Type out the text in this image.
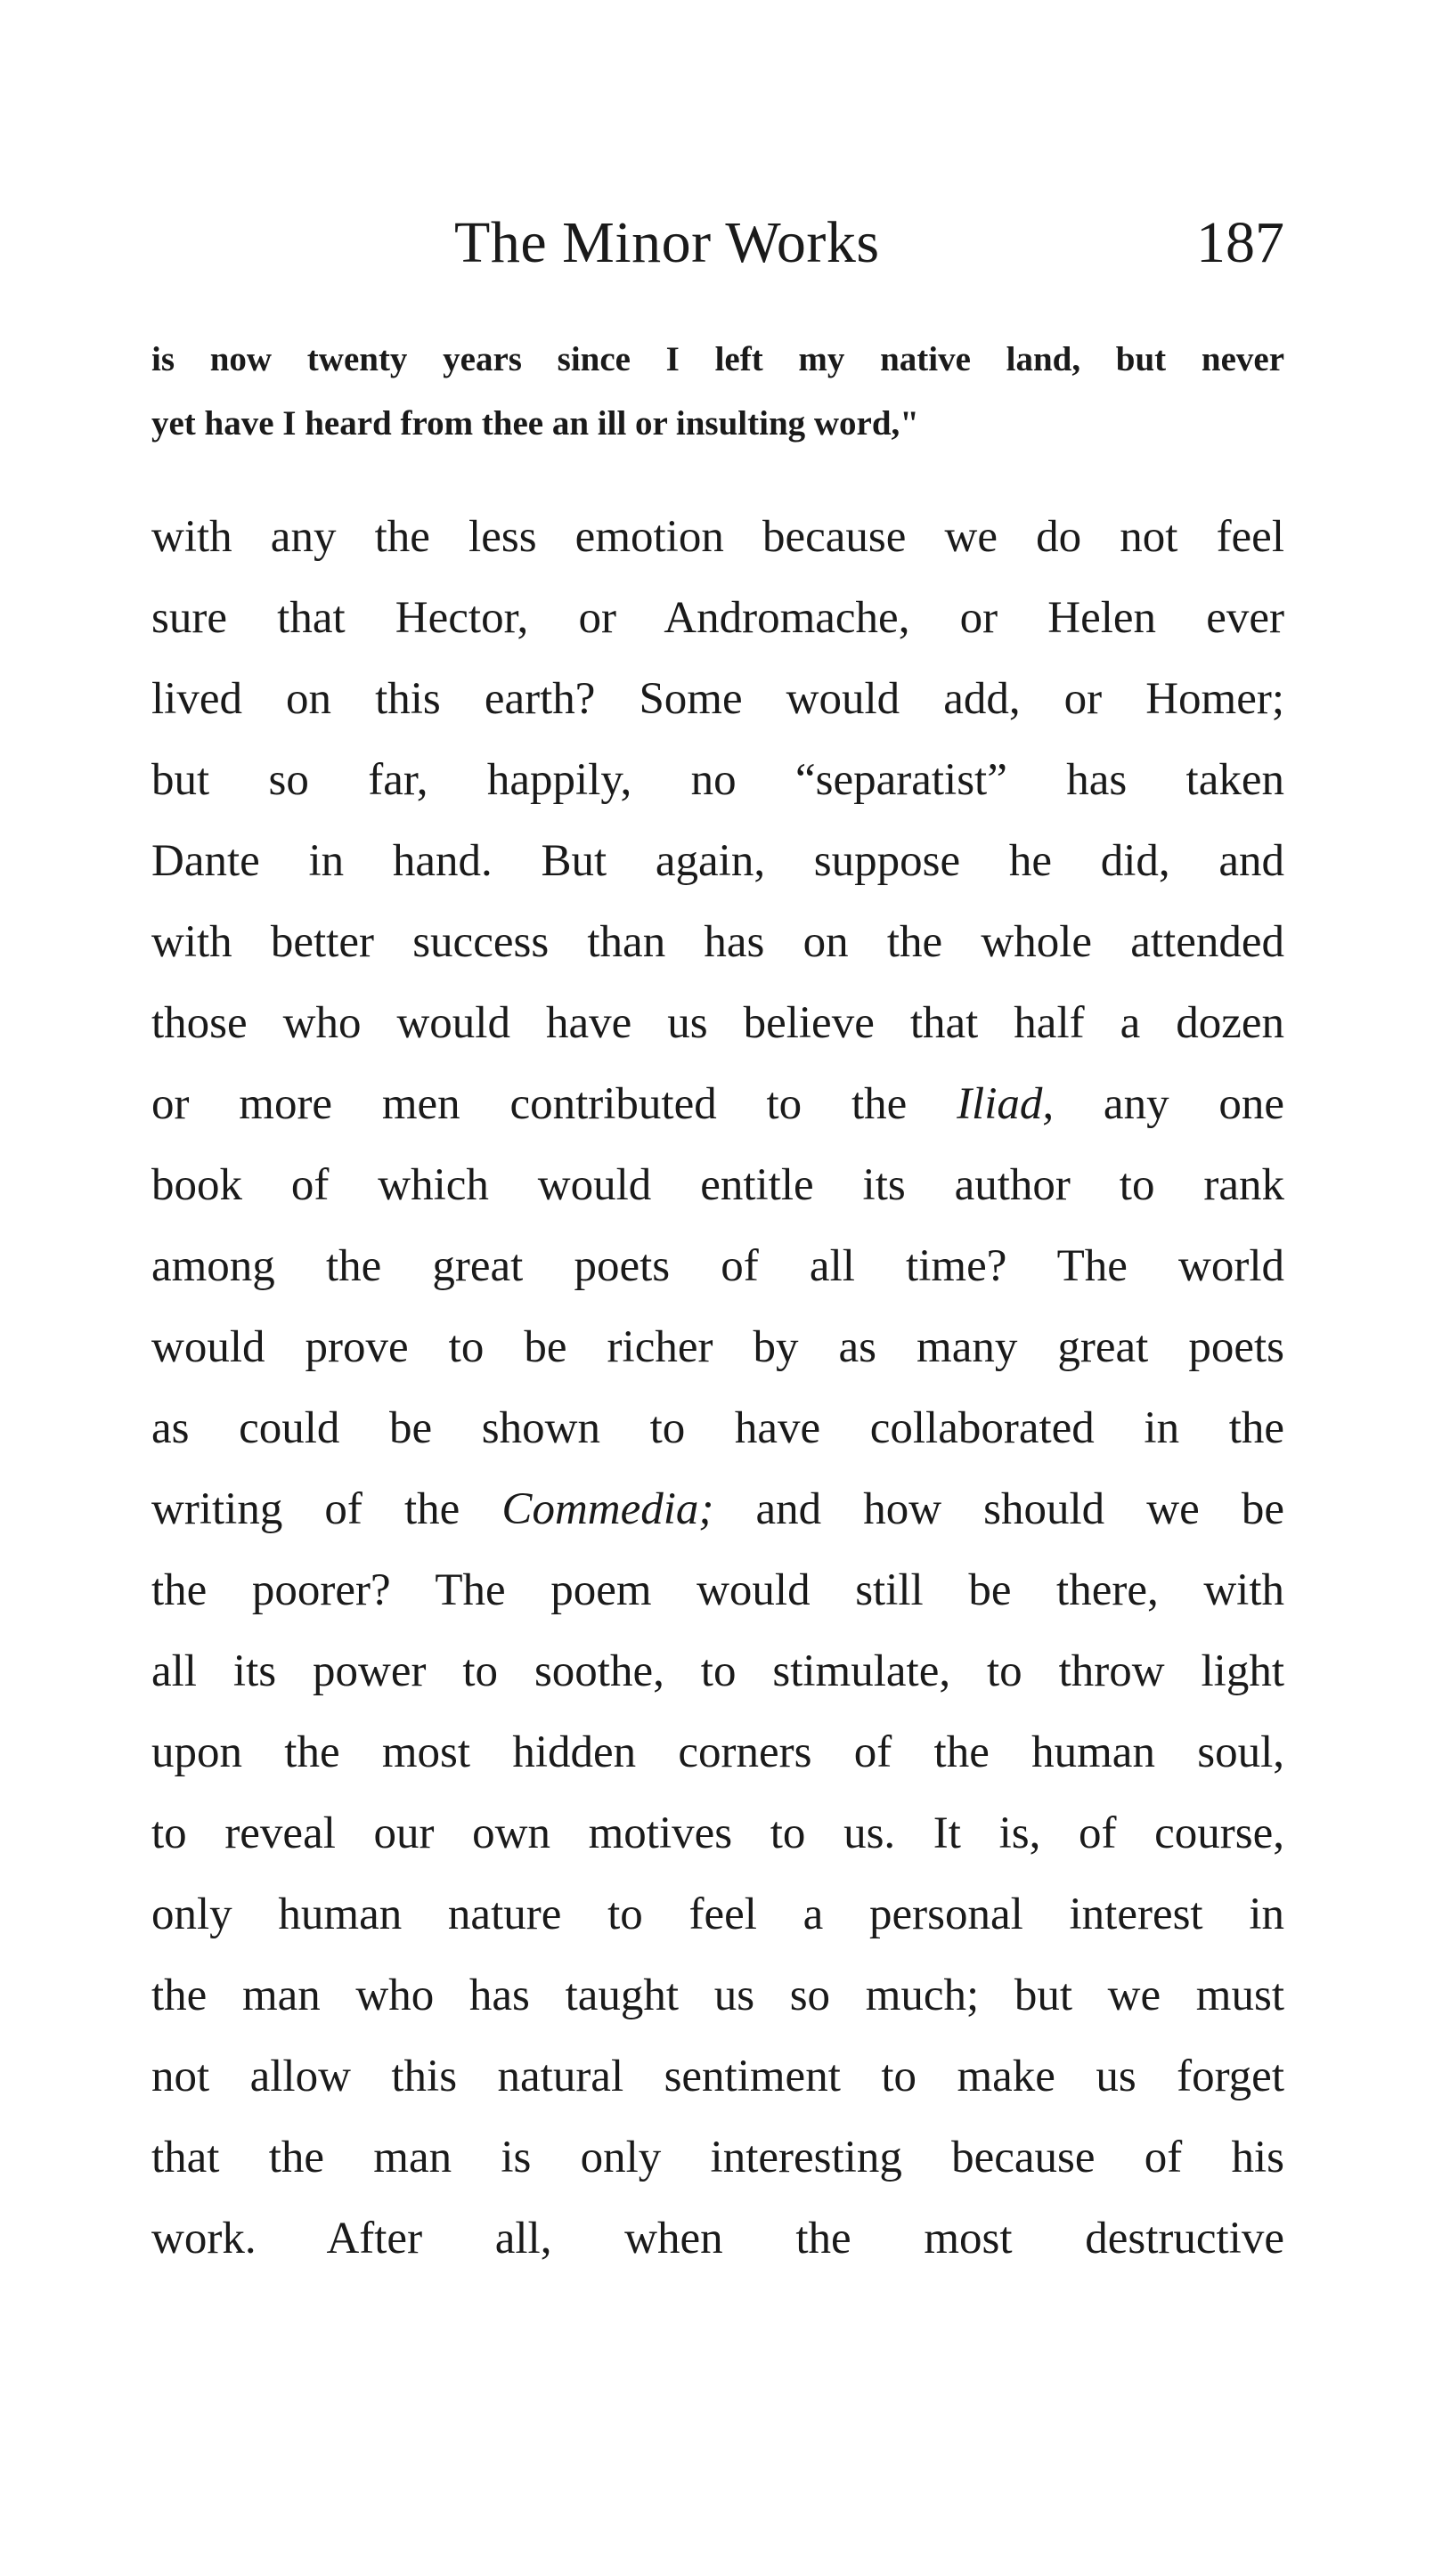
The Minor Works	187
is now twenty years since I left my native land, but never
yet have I heard from thee an ill or insulting word,"
with any the less emotion because we do not feel
sure that Hector, or Andromache, or Helen ever
lived on this earth? Some would add, or Homer;
but so far, happily, no “separatist” has taken
Dante in hand. But again, suppose he did, and
with better success than has on the whole attended
those who would have us believe that half a dozen
or more men contributed to the Iliad, any one
book of which would entitle its author to rank
among the great poets of all time? The world
would prove to be richer by as many great poets
as could be shown to have collaborated in the
writing of the Commedia; and how should we be
the poorer? The poem would still be there, with
all its power to soothe, to stimulate, to throw light
upon the most hidden corners of the human soul,
to reveal our own motives to us. It is, of course,
only human nature to feel a personal interest in
the man who has taught us so much; but we must
not allow this natural sentiment to make us forget
that the man is only interesting because of his
work. After all, when the most destructive
